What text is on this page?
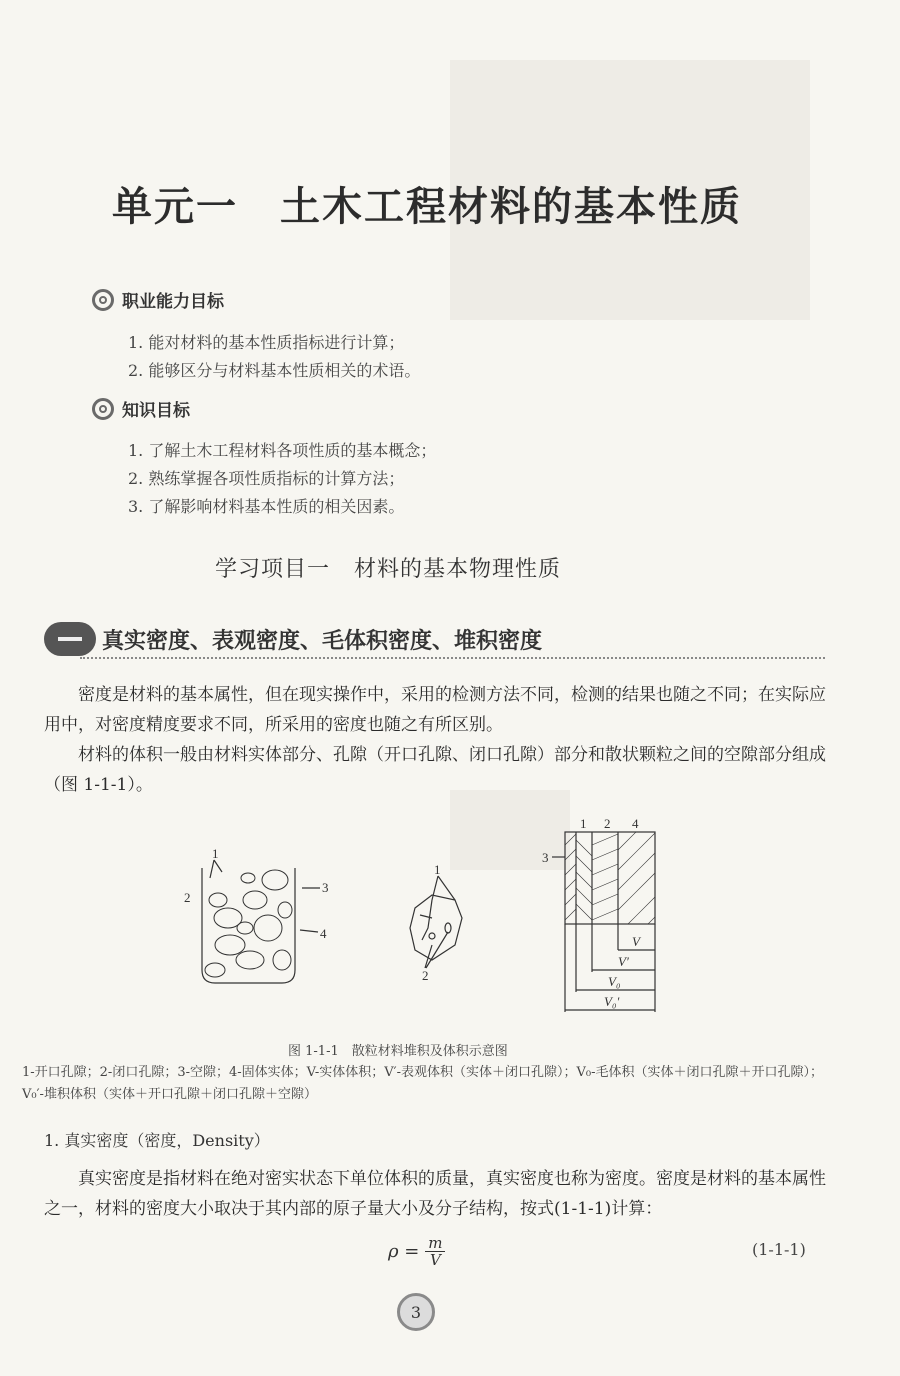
单元一 土木工程材料的基本性质
职业能力目标
1. 能对材料的基本性质指标进行计算；
2. 能够区分与材料基本性质相关的术语。
知识目标
1. 了解土木工程材料各项性质的基本概念；
2. 熟练掌握各项性质指标的计算方法；
3. 了解影响材料基本性质的相关因素。
学习项目一 材料的基本物理性质
真实密度、表观密度、毛体积密度、堆积密度

　　密度是材料的基本属性，但在现实操作中，采用的检测方法不同，检测的结果也随之不同；在实际应用中，对密度精度要求不同，所采用的密度也随之有所区别。

　　材料的体积一般由材料实体部分、孔隙（开口孔隙、闭口孔隙）部分和散状颗粒之间的空隙部分组成（图 1-1-1）。

1
2
3
4
1
2
1 2 4
3
V
V′
V₀
V₀′
图 1-1-1　散粒材料堆积及体积示意图
1-开口孔隙；2-闭口孔隙；3-空隙；4-固体实体；V-实体体积；V′-表观体积（实体＋闭口孔隙）；V₀-毛体积（实体＋闭口孔隙＋开口孔隙）；V₀′-堆积体积（实体＋开口孔隙＋闭口孔隙＋空隙）
1. 真实密度（密度，Density）

　　真实密度是指材料在绝对密实状态下单位体积的质量，真实密度也称为密度。密度是材料的基本属性之一，材料的密度大小取决于其内部的原子量大小及分子结构，按式(1-1-1)计算：

$\rho = \frac{m}{V}$	(1-1-1)
3
